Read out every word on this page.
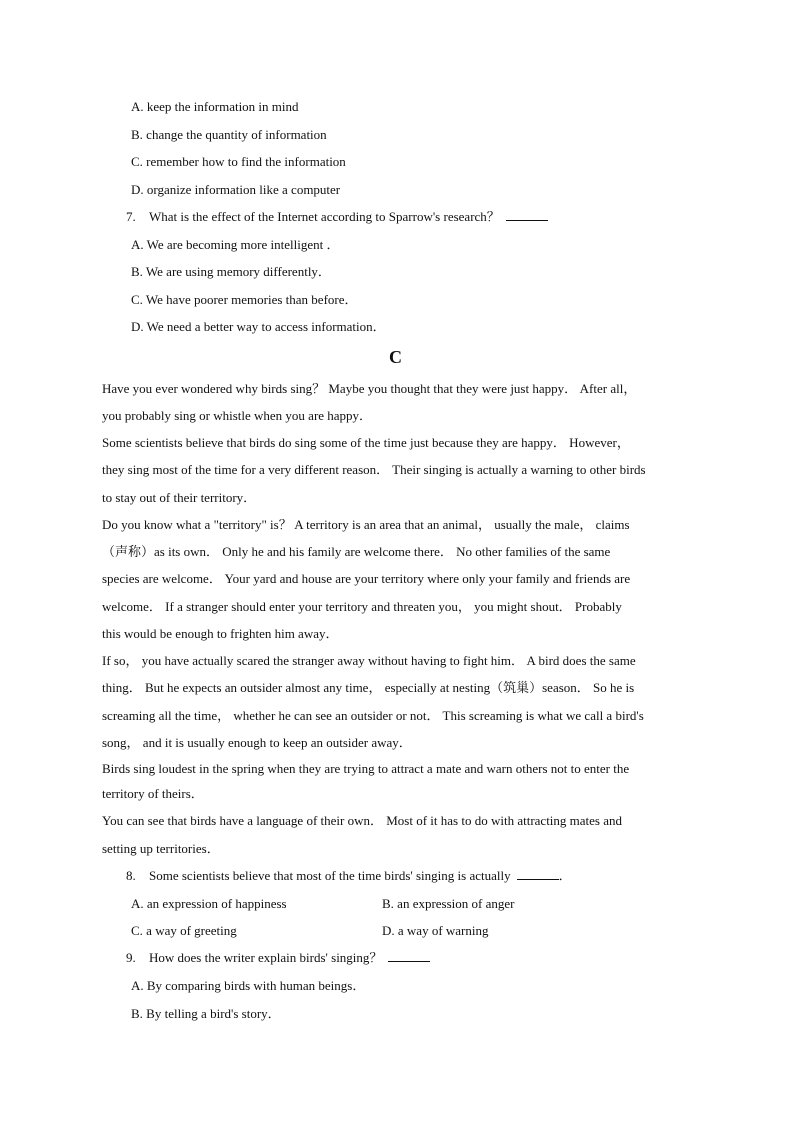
A. keep the information in mind
B. change the quantity of information
C. remember how to find the information
D. organize information like a computer
7. What is the effect of the Internet according to Sparrow's research？
A. We are becoming more intelligent ．
B. We are using memory differently．
C. We have poorer memories than before．
D. We need a better way to access information．
C
Have you ever wondered why birds sing？ Maybe you thought that they were just happy． After all，
you probably sing or whistle when you are happy．
Some scientists believe that birds do sing some of the time just because they are happy． However，
they sing most of the time for a very different reason． Their singing is actually a warning to other birds
to stay out of their territory．
Do you know what a "territory" is？ A territory is an area that an animal， usually the male， claims
（声称）as its own． Only he and his family are welcome there． No other families of the same
species are welcome． Your yard and house are your territory where only your family and friends are
welcome． If a stranger should enter your territory and threaten you， you might shout． Probably
this would be enough to frighten him away．
If so， you have actually scared the stranger away without having to fight him． A bird does the same
thing． But he expects an outsider almost any time， especially at nesting（筑巢）season． So he is
screaming all the time， whether he can see an outsider or not． This screaming is what we call a bird's
song， and it is usually enough to keep an outsider away．
Birds sing loudest in the spring when they are trying to attract a mate and warn others not to enter the
territory of theirs．
You can see that birds have a language of their own． Most of it has to do with attracting mates and
setting up territories．
8. Some scientists believe that most of the time birds' singing is actually	．
A. an expression of happiness	B. an expression of anger
C. a way of greeting	D. a way of warning
9. How does the writer explain birds' singing？
A. By comparing birds with human beings．
B. By telling a bird's story．
